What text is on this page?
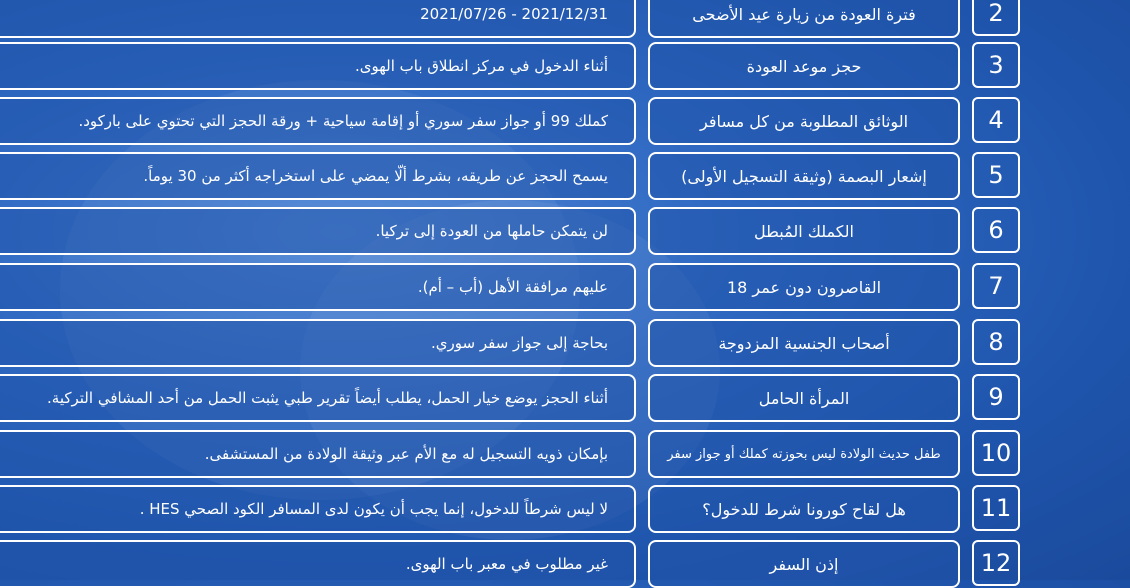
2
فترة العودة من زيارة عيد الأضحى
2021/12/31 - 2021/07/26
3
حجز موعد العودة
أثناء الدخول في مركز انطلاق باب الهوى.
4
الوثائق المطلوبة من كل مسافر
كملك 99 أو جواز سفر سوري أو إقامة سياحية + ورقة الحجز التي تحتوي على باركود.
5
إشعار البصمة (وثيقة التسجيل الأولى)
يسمح الحجز عن طريقه، بشرط ألّا يمضي على استخراجه أكثر من 30 يوماً.
6
الكملك المُبطل
لن يتمكن حاملها من العودة إلى تركيا.
7
القاصرون دون عمر 18
عليهم مرافقة الأهل (أب – أم).
8
أصحاب الجنسية المزدوجة
بحاجة إلى جواز سفر سوري.
9
المرأة الحامل
أثناء الحجز يوضع خيار الحمل، يطلب أيضاً تقرير طبي يثبت الحمل من أحد المشافي التركية.
10
طفل حديث الولادة ليس بحوزته كملك أو جواز سفر
بإمكان ذويه التسجيل له مع الأم عبر وثيقة الولادة من المستشفى.
11
هل لقاح كورونا شرط للدخول؟
لا ليس شرطاً للدخول، إنما يجب أن يكون لدى المسافر الكود الصحي HES .
12
إذن السفر
غير مطلوب في معبر باب الهوى.
